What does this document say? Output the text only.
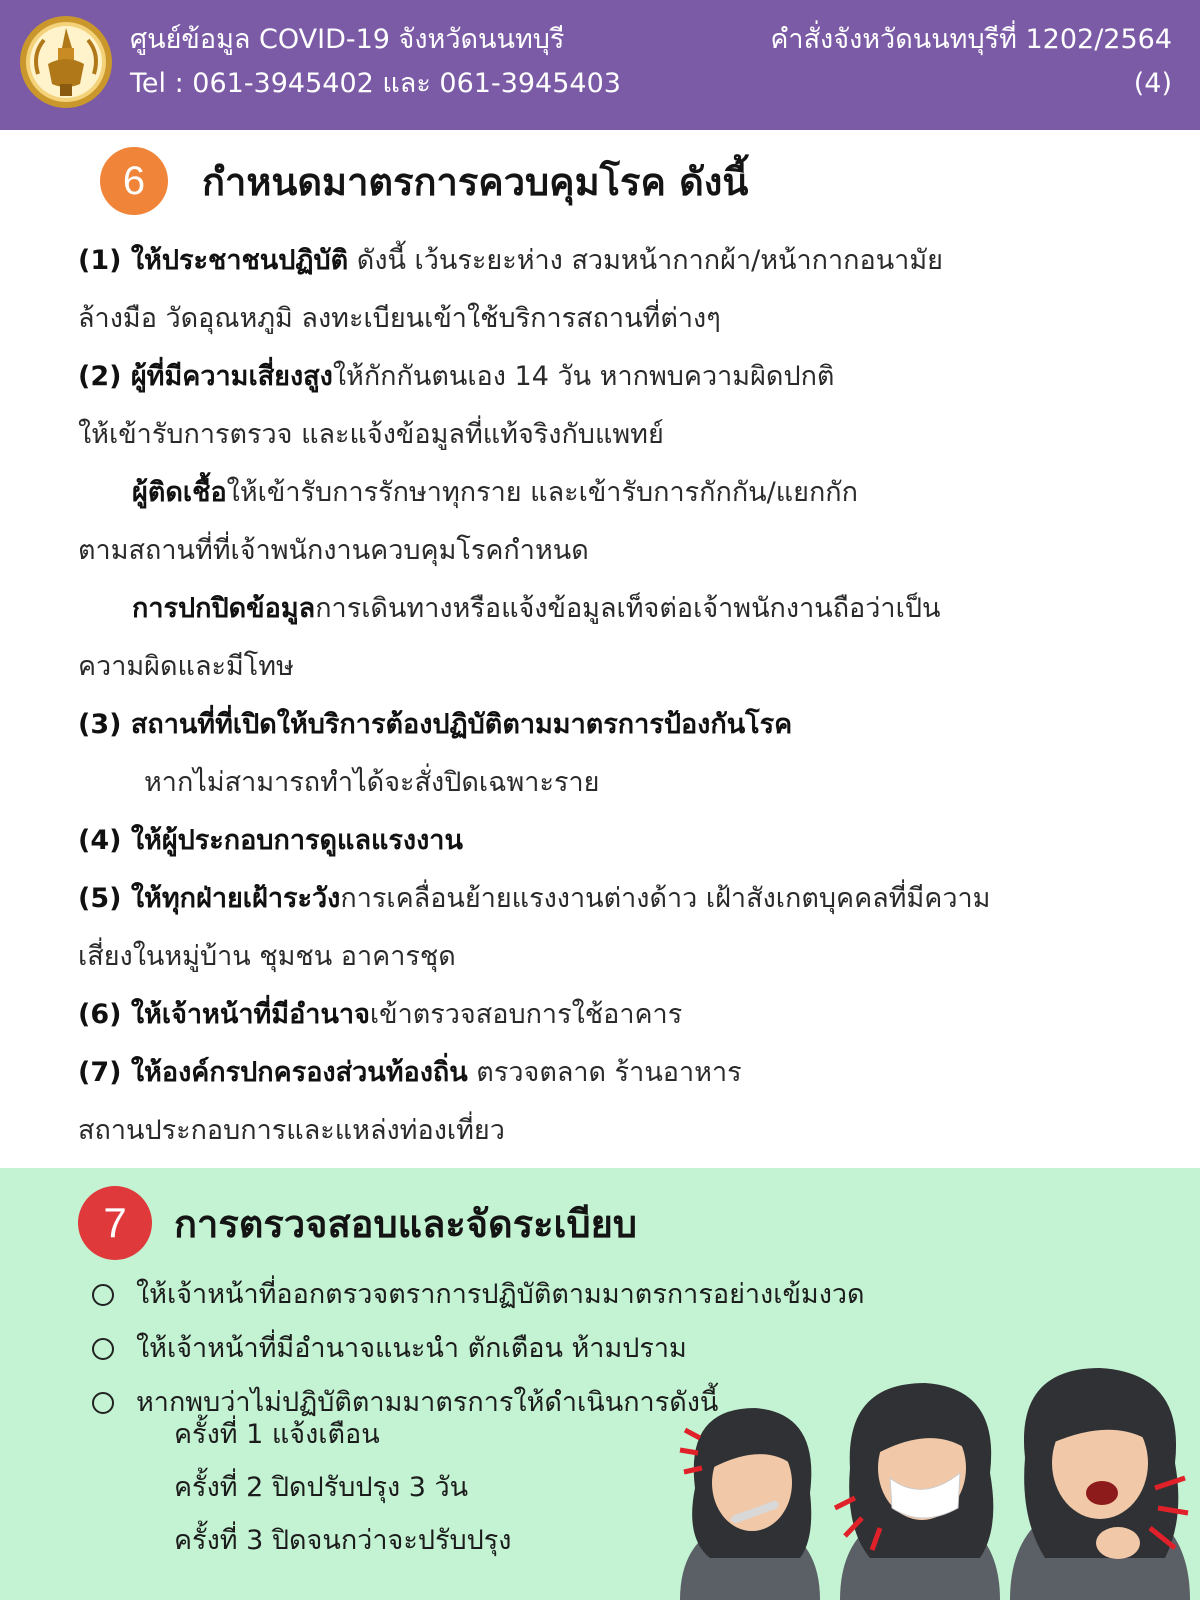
ศูนย์ข้อมูล COVID-19 จังหวัดนนทบุรี
Tel : 061-3945402 และ 061-3945403
คำสั่งจังหวัดนนทบุรีที่ 1202/2564
(4)
6	กำหนดมาตรการควบคุมโรค ดังนี้
(1) ให้ประชาชนปฏิบัติ ดังนี้ เว้นระยะห่าง สวมหน้ากากผ้า/หน้ากากอนามัย
ล้างมือ วัดอุณหภูมิ ลงทะเบียนเข้าใช้บริการสถานที่ต่างๆ
(2) ผู้ที่มีความเสี่ยงสูงให้กักกันตนเอง 14 วัน หากพบความผิดปกติ
ให้เข้ารับการตรวจ และแจ้งข้อมูลที่แท้จริงกับแพทย์
ผู้ติดเชื้อให้เข้ารับการรักษาทุกราย และเข้ารับการกักกัน/แยกกัก
ตามสถานที่ที่เจ้าพนักงานควบคุมโรคกำหนด
การปกปิดข้อมูลการเดินทางหรือแจ้งข้อมูลเท็จต่อเจ้าพนักงานถือว่าเป็น
ความผิดและมีโทษ
(3) สถานที่ที่เปิดให้บริการต้องปฏิบัติตามมาตรการป้องกันโรค
หากไม่สามารถทำได้จะสั่งปิดเฉพาะราย
(4) ให้ผู้ประกอบการดูแลแรงงาน
(5) ให้ทุกฝ่ายเฝ้าระวังการเคลื่อนย้ายแรงงานต่างด้าว เฝ้าสังเกตบุคคลที่มีความ
เสี่ยงในหมู่บ้าน ชุมชน อาคารชุด
(6) ให้เจ้าหน้าที่มีอำนาจเข้าตรวจสอบการใช้อาคาร
(7) ให้องค์กรปกครองส่วนท้องถิ่น ตรวจตลาด ร้านอาหาร
สถานประกอบการและแหล่งท่องเที่ยว
7	การตรวจสอบและจัดระเบียบ
ให้เจ้าหน้าที่ออกตรวจตราการปฏิบัติตามมาตรการอย่างเข้มงวด
ให้เจ้าหน้าที่มีอำนาจแนะนำ ตักเตือน ห้ามปราม
หากพบว่าไม่ปฏิบัติตามมาตรการให้ดำเนินการดังนี้
ครั้งที่ 1 แจ้งเตือน
ครั้งที่ 2 ปิดปรับปรุง 3 วัน
ครั้งที่ 3 ปิดจนกว่าจะปรับปรุง
